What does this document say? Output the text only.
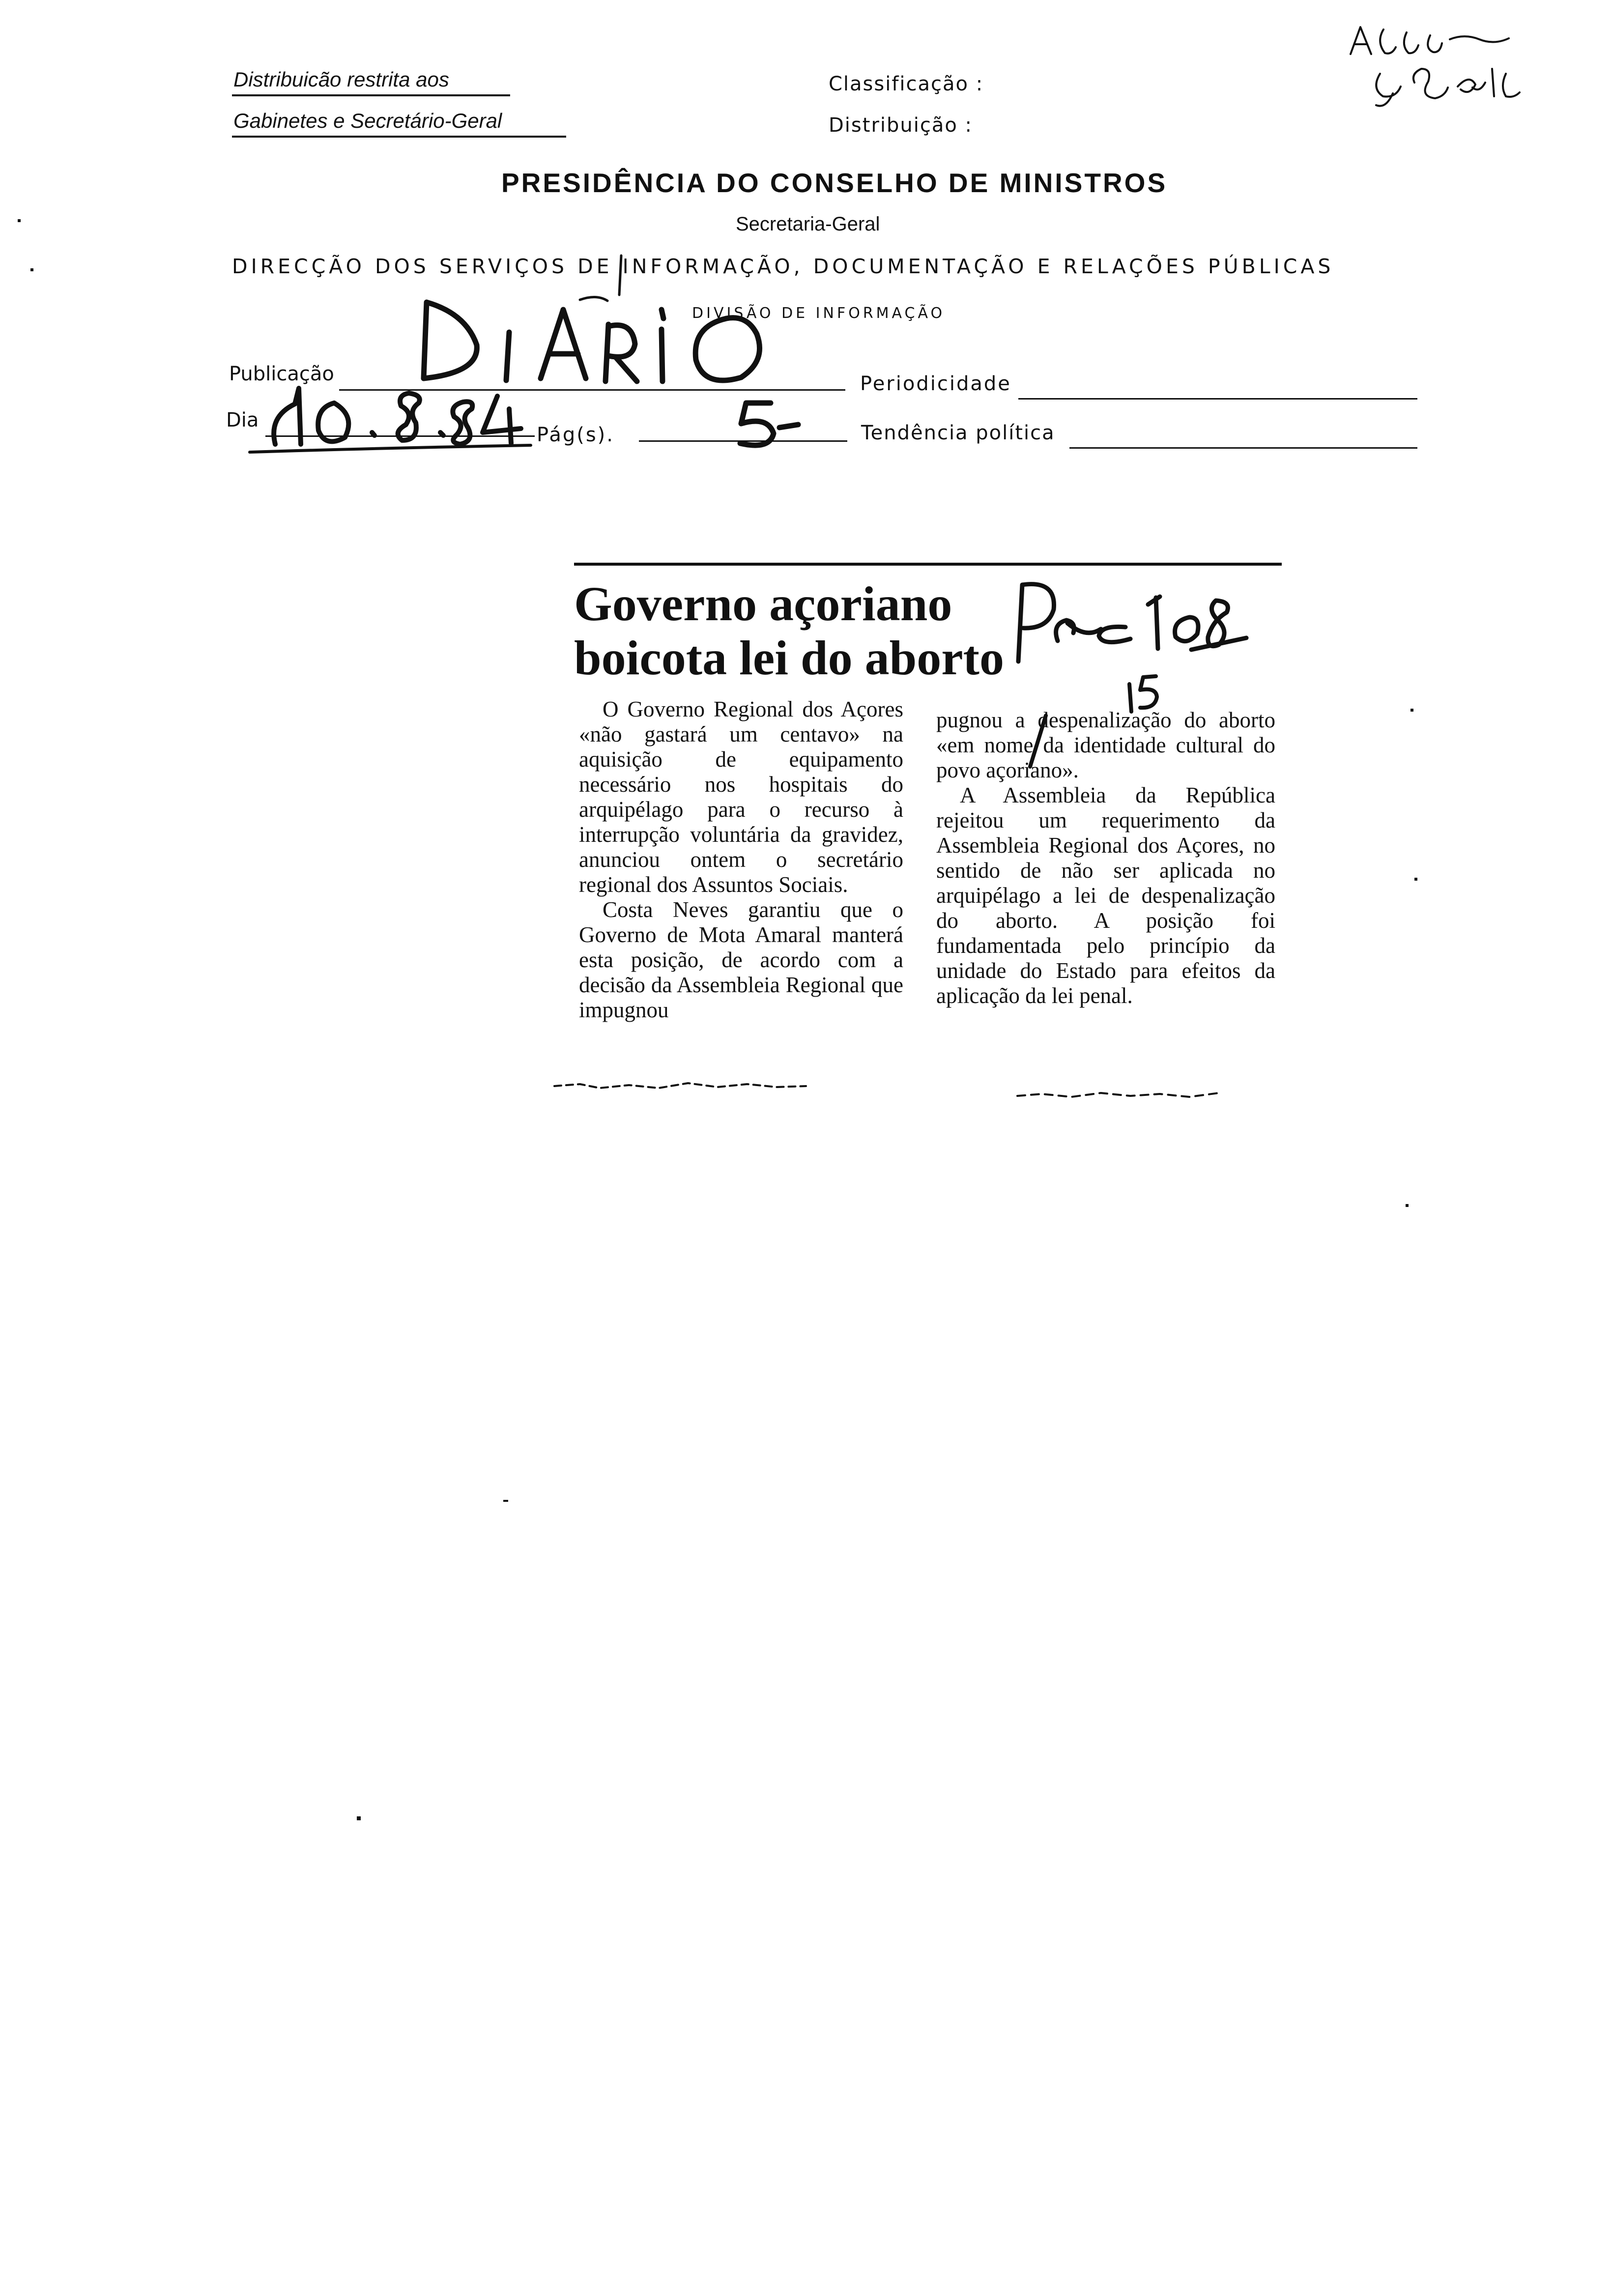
Distribuicão restrita aos
Gabinetes e Secretário-Geral
Classificação :
Distribuição :
PRESIDÊNCIA DO CONSELHO DE MINISTROS
Secretaria-Geral
DIRECÇÃO DOS SERVIÇOS DE INFORMAÇÃO, DOCUMENTAÇÃO E RELAÇÕES PÚBLICAS
DIVISÃO DE INFORMAÇÃO
Publicação	Periodicidade
Dia
Pág(s).	Tendência política
Governo açoriano
boicota lei do aborto

O Governo Regional dos Açores «não gastará um centavo» na aquisição de equipamento necessário nos hospitais do arquipélago para o recurso à interrupção voluntária da gravidez, anunciou ontem o secretário regional dos Assuntos Sociais.

Costa Neves garantiu que o Governo de Mota Amaral manterá esta posição, de acordo com a decisão da Assembleia Regional que impugnou

pugnou a despenalização do aborto «em nome da identidade cultural do povo açoriano».

A Assembleia da República rejeitou um requerimento da Assembleia Regional dos Açores, no sentido de não ser aplicada no arquipélago a lei de despenalização do aborto. A posição foi fundamentada pelo princípio da unidade do Estado para efeitos da aplicação da lei penal.
